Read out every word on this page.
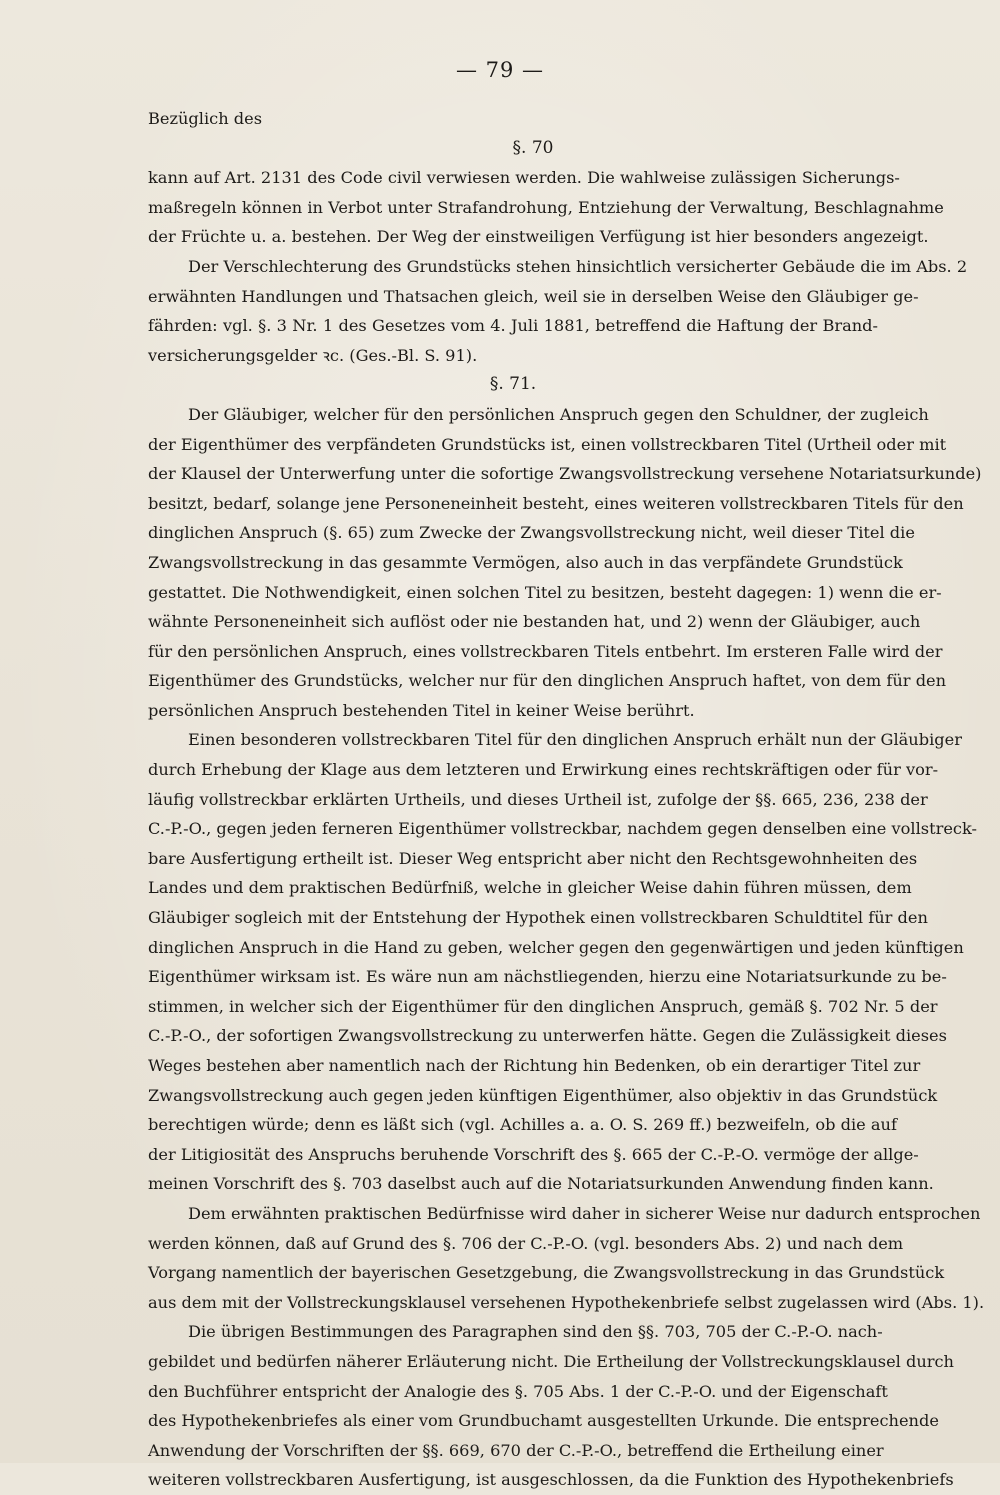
— 79 —
Bezüglich des
§. 70
kann auf Art. 2131 des Code civil verwiesen werden. Die wahlweise zulässigen Sicherungs-
maßregeln können in Verbot unter Strafandrohung, Entziehung der Verwaltung, Beschlagnahme
der Früchte u. a. bestehen. Der Weg der einstweiligen Verfügung ist hier besonders angezeigt.
Der Verschlechterung des Grundstücks stehen hinsichtlich versicherter Gebäude die im Abs. 2
erwähnten Handlungen und Thatsachen gleich, weil sie in derselben Weise den Gläubiger ge-
fährden: vgl. §. 3 Nr. 1 des Gesetzes vom 4. Juli 1881, betreffend die Haftung der Brand-
versicherungsgelder ꝛc. (Ges.-Bl. S. 91).
§. 71.
Der Gläubiger, welcher für den persönlichen Anspruch gegen den Schuldner, der zugleich
der Eigenthümer des verpfändeten Grundstücks ist, einen vollstreckbaren Titel (Urtheil oder mit
der Klausel der Unterwerfung unter die sofortige Zwangsvollstreckung versehene Notariatsurkunde)
besitzt, bedarf, solange jene Personeneinheit besteht, eines weiteren vollstreckbaren Titels für den
dinglichen Anspruch (§. 65) zum Zwecke der Zwangsvollstreckung nicht, weil dieser Titel die
Zwangsvollstreckung in das gesammte Vermögen, also auch in das verpfändete Grundstück
gestattet. Die Nothwendigkeit, einen solchen Titel zu besitzen, besteht dagegen: 1) wenn die er-
wähnte Personeneinheit sich auflöst oder nie bestanden hat, und 2) wenn der Gläubiger, auch
für den persönlichen Anspruch, eines vollstreckbaren Titels entbehrt. Im ersteren Falle wird der
Eigenthümer des Grundstücks, welcher nur für den dinglichen Anspruch haftet, von dem für den
persönlichen Anspruch bestehenden Titel in keiner Weise berührt.
Einen besonderen vollstreckbaren Titel für den dinglichen Anspruch erhält nun der Gläubiger
durch Erhebung der Klage aus dem letzteren und Erwirkung eines rechtskräftigen oder für vor-
läufig vollstreckbar erklärten Urtheils, und dieses Urtheil ist, zufolge der §§. 665, 236, 238 der
C.-P.-O., gegen jeden ferneren Eigenthümer vollstreckbar, nachdem gegen denselben eine vollstreck-
bare Ausfertigung ertheilt ist. Dieser Weg entspricht aber nicht den Rechtsgewohnheiten des
Landes und dem praktischen Bedürfniß, welche in gleicher Weise dahin führen müssen, dem
Gläubiger sogleich mit der Entstehung der Hypothek einen vollstreckbaren Schuldtitel für den
dinglichen Anspruch in die Hand zu geben, welcher gegen den gegenwärtigen und jeden künftigen
Eigenthümer wirksam ist. Es wäre nun am nächstliegenden, hierzu eine Notariatsurkunde zu be-
stimmen, in welcher sich der Eigenthümer für den dinglichen Anspruch, gemäß §. 702 Nr. 5 der
C.-P.-O., der sofortigen Zwangsvollstreckung zu unterwerfen hätte. Gegen die Zulässigkeit dieses
Weges bestehen aber namentlich nach der Richtung hin Bedenken, ob ein derartiger Titel zur
Zwangsvollstreckung auch gegen jeden künftigen Eigenthümer, also objektiv in das Grundstück
berechtigen würde; denn es läßt sich (vgl. Achilles a. a. O. S. 269 ff.) bezweifeln, ob die auf
der Litigiosität des Anspruchs beruhende Vorschrift des §. 665 der C.-P.-O. vermöge der allge-
meinen Vorschrift des §. 703 daselbst auch auf die Notariatsurkunden Anwendung finden kann.
Dem erwähnten praktischen Bedürfnisse wird daher in sicherer Weise nur dadurch entsprochen
werden können, daß auf Grund des §. 706 der C.-P.-O. (vgl. besonders Abs. 2) und nach dem
Vorgang namentlich der bayerischen Gesetzgebung, die Zwangsvollstreckung in das Grundstück
aus dem mit der Vollstreckungsklausel versehenen Hypothekenbriefe selbst zugelassen wird (Abs. 1).
Die übrigen Bestimmungen des Paragraphen sind den §§. 703, 705 der C.-P.-O. nach-
gebildet und bedürfen näherer Erläuterung nicht. Die Ertheilung der Vollstreckungsklausel durch
den Buchführer entspricht der Analogie des §. 705 Abs. 1 der C.-P.-O. und der Eigenschaft
des Hypothekenbriefes als einer vom Grundbuchamt ausgestellten Urkunde. Die entsprechende
Anwendung der Vorschriften der §§. 669, 670 der C.-P.-O., betreffend die Ertheilung einer
weiteren vollstreckbaren Ausfertigung, ist ausgeschlossen, da die Funktion des Hypothekenbriefs
